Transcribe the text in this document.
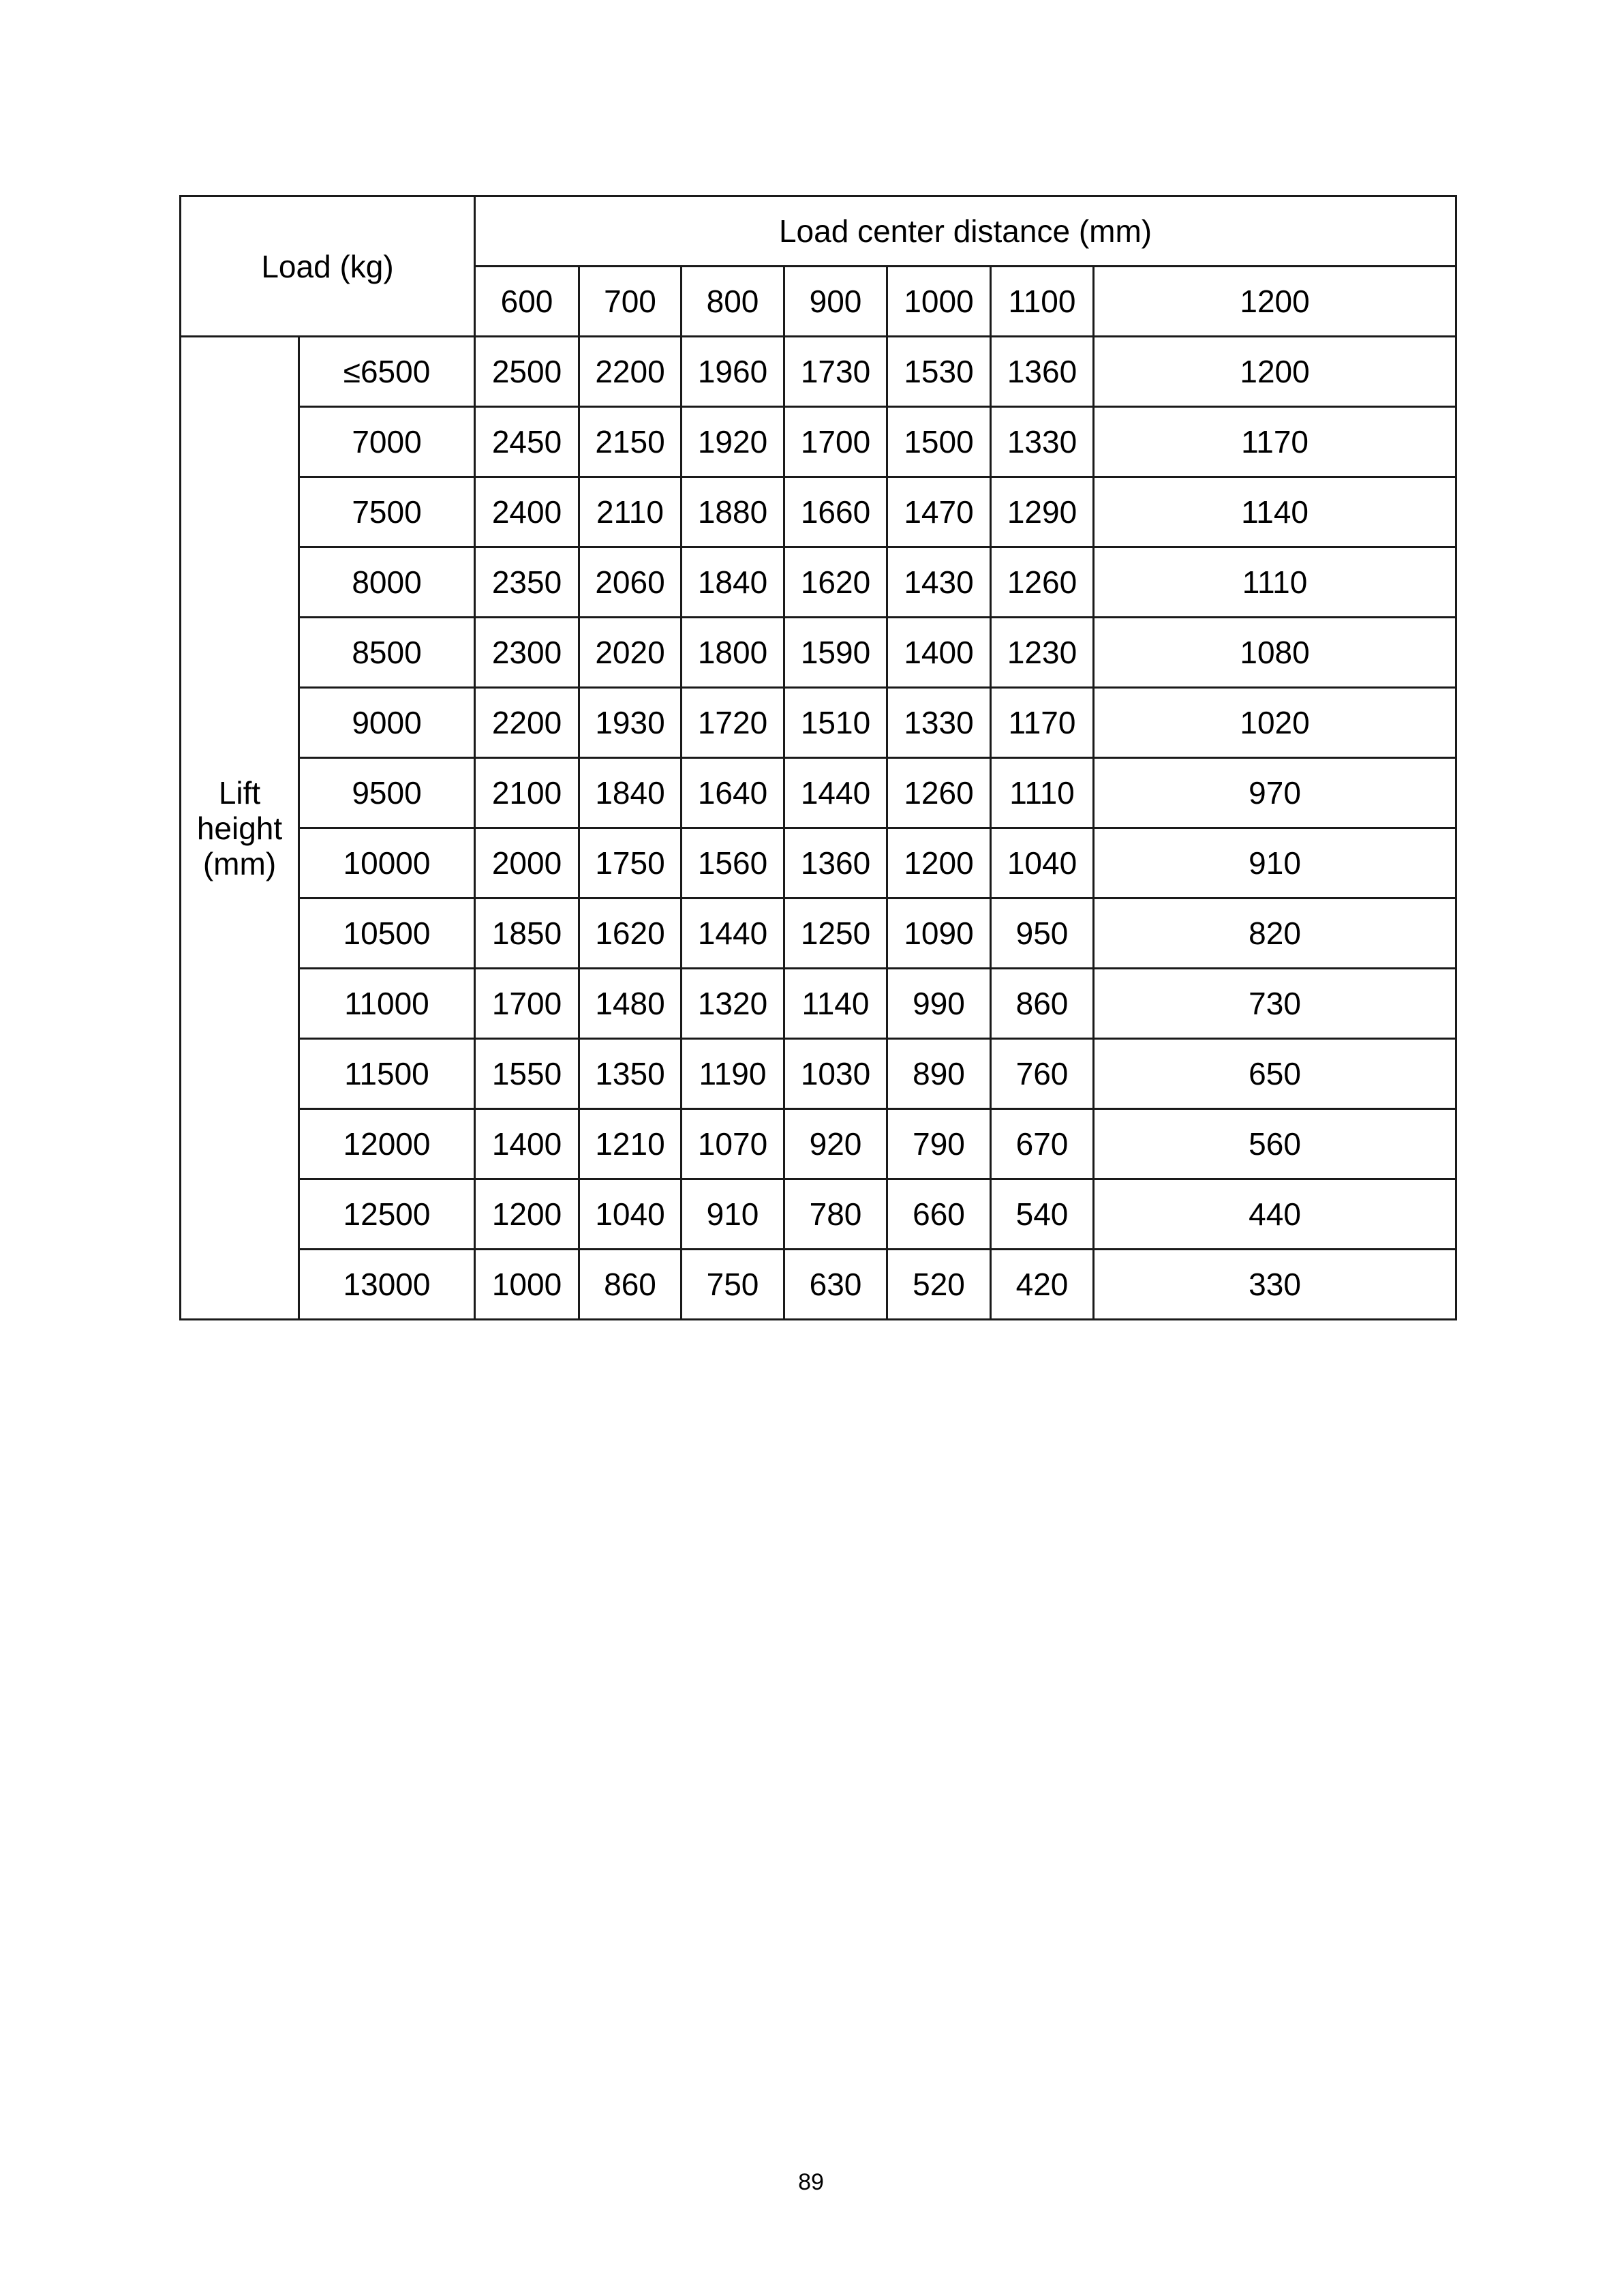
Load (kg)		Load center distance (mm)						
		600	700	800	900	1000	1100	1200

Lift
height
(mm)	≤6500	2500	2200	1960	1730	1530	1360	1200
	7000	2450	2150	1920	1700	1500	1330	1170
	7500	2400	2110	1880	1660	1470	1290	1140
	8000	2350	2060	1840	1620	1430	1260	1110
	8500	2300	2020	1800	1590	1400	1230	1080
	9000	2200	1930	1720	1510	1330	1170	1020
	9500	2100	1840	1640	1440	1260	1110	970
	10000	2000	1750	1560	1360	1200	1040	910
	10500	1850	1620	1440	1250	1090	950	820
	11000	1700	1480	1320	1140	990	860	730
	11500	1550	1350	1190	1030	890	760	650
	12000	1400	1210	1070	920	790	670	560
	12500	1200	1040	910	780	660	540	440
	13000	1000	860	750	630	520	420	330
89
